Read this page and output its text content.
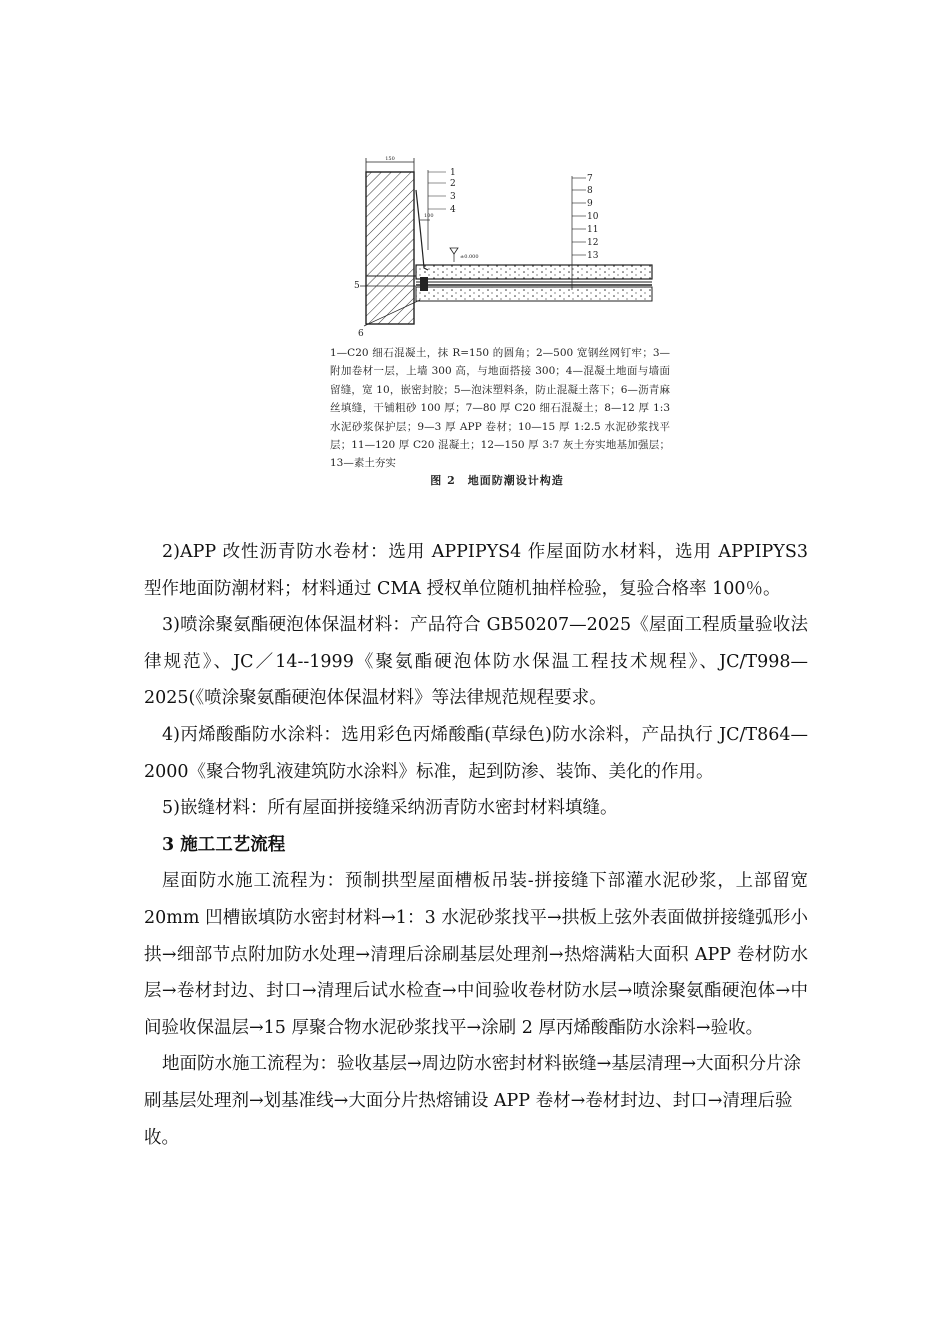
150
100
±0.000
1
2
3
4
7
8
9
10
11
12
13
5
6
1—C20 细石混凝土，抹 R=150 的圆角；2—500 宽钢丝网钉牢；3—附加卷材一层，上墙 300 高，与地面搭接 300；4—混凝土地面与墙面留缝，宽 10，嵌密封胶；5—泡沫塑料条，防止混凝土落下；6—沥青麻丝填缝，干铺粗砂 100 厚；7—80 厚 C20 细石混凝土；8—12 厚 1:3 水泥砂浆保护层；9—3 厚 APP 卷材；10—15 厚 1:2.5 水泥砂浆找平层；11—120 厚 C20 混凝土；12—150 厚 3:7 灰土夯实地基加强层；13—素土夯实
图 2　地面防潮设计构造

2)APP 改性沥青防水卷材：选用 APPIPYS4 作屋面防水材料，选用 APPIPYS3 型作地面防潮材料；材料通过 CMA 授权单位随机抽样检验，复验合格率 100％。

3)喷涂聚氨酯硬泡体保温材料：产品符合 GB50207—2025《屋面工程质量验收法律规范》、JC／14--1999《聚氨酯硬泡体防水保温工程技术规程》、JC/T998—2025(《喷涂聚氨酯硬泡体保温材料》等法律规范规程要求。

4)丙烯酸酯防水涂料：选用彩色丙烯酸酯(草绿色)防水涂料，产品执行 JC/T864—2000《聚合物乳液建筑防水涂料》标准，起到防渗、装饰、美化的作用。

5)嵌缝材料：所有屋面拼接缝采纳沥青防水密封材料填缝。

3 施工工艺流程

屋面防水施工流程为：预制拱型屋面槽板吊装-拼接缝下部灌水泥砂浆，上部留宽 20mm 凹槽嵌填防水密封材料→1：3 水泥砂浆找平→拱板上弦外表面做拼接缝弧形小拱→细部节点附加防水处理→清理后涂刷基层处理剂→热熔满粘大面积 APP 卷材防水层→卷材封边、封口→清理后试水检查→中间验收卷材防水层→喷涂聚氨酯硬泡体→中间验收保温层→15 厚聚合物水泥砂浆找平→涂刷 2 厚丙烯酸酯防水涂料→验收。

地面防水施工流程为：验收基层→周边防水密封材料嵌缝→基层清理→大面积分片涂刷基层处理剂→划基准线→大面分片热熔铺设 APP 卷材→卷材封边、封口→清理后验收。
